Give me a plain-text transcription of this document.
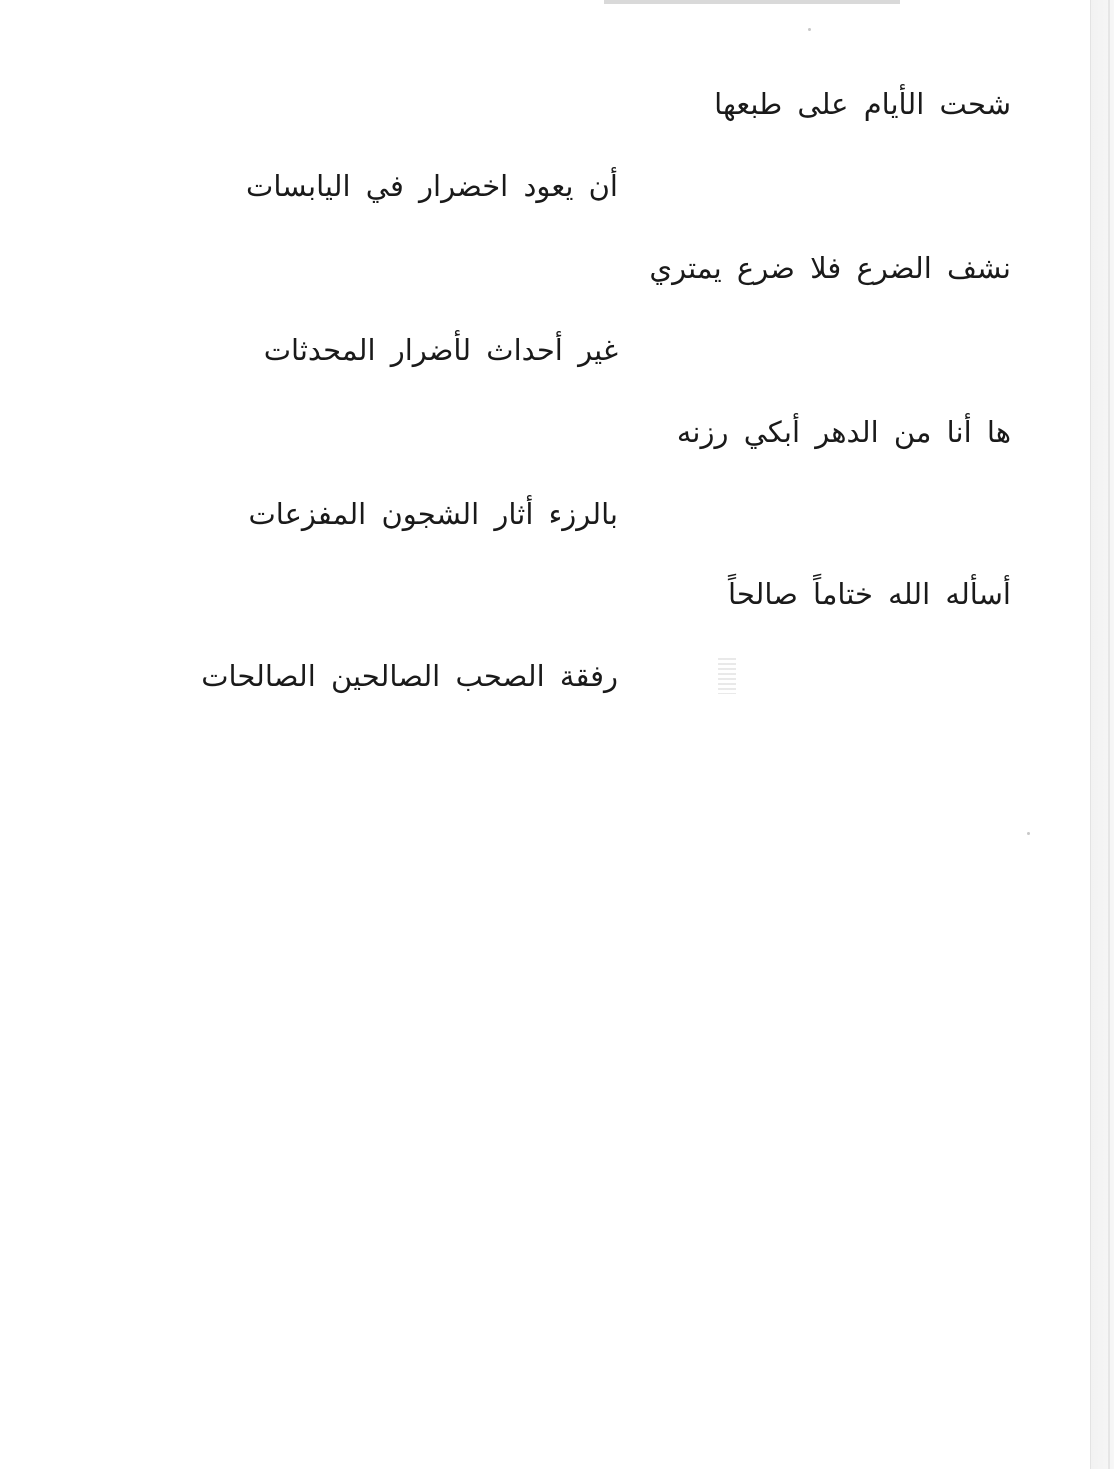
شحت الأيام على طبعها

أن يعود اخضرار في اليابسات

نشف الضرع فلا ضرع يمتري

غير أحداث لأضرار المحدثات

ها أنا من الدهر أبكي رزنه

بالرزء أثار الشجون المفزعات

أسأله الله ختاماً صالحاً

رفقة الصحب الصالحين الصالحات
